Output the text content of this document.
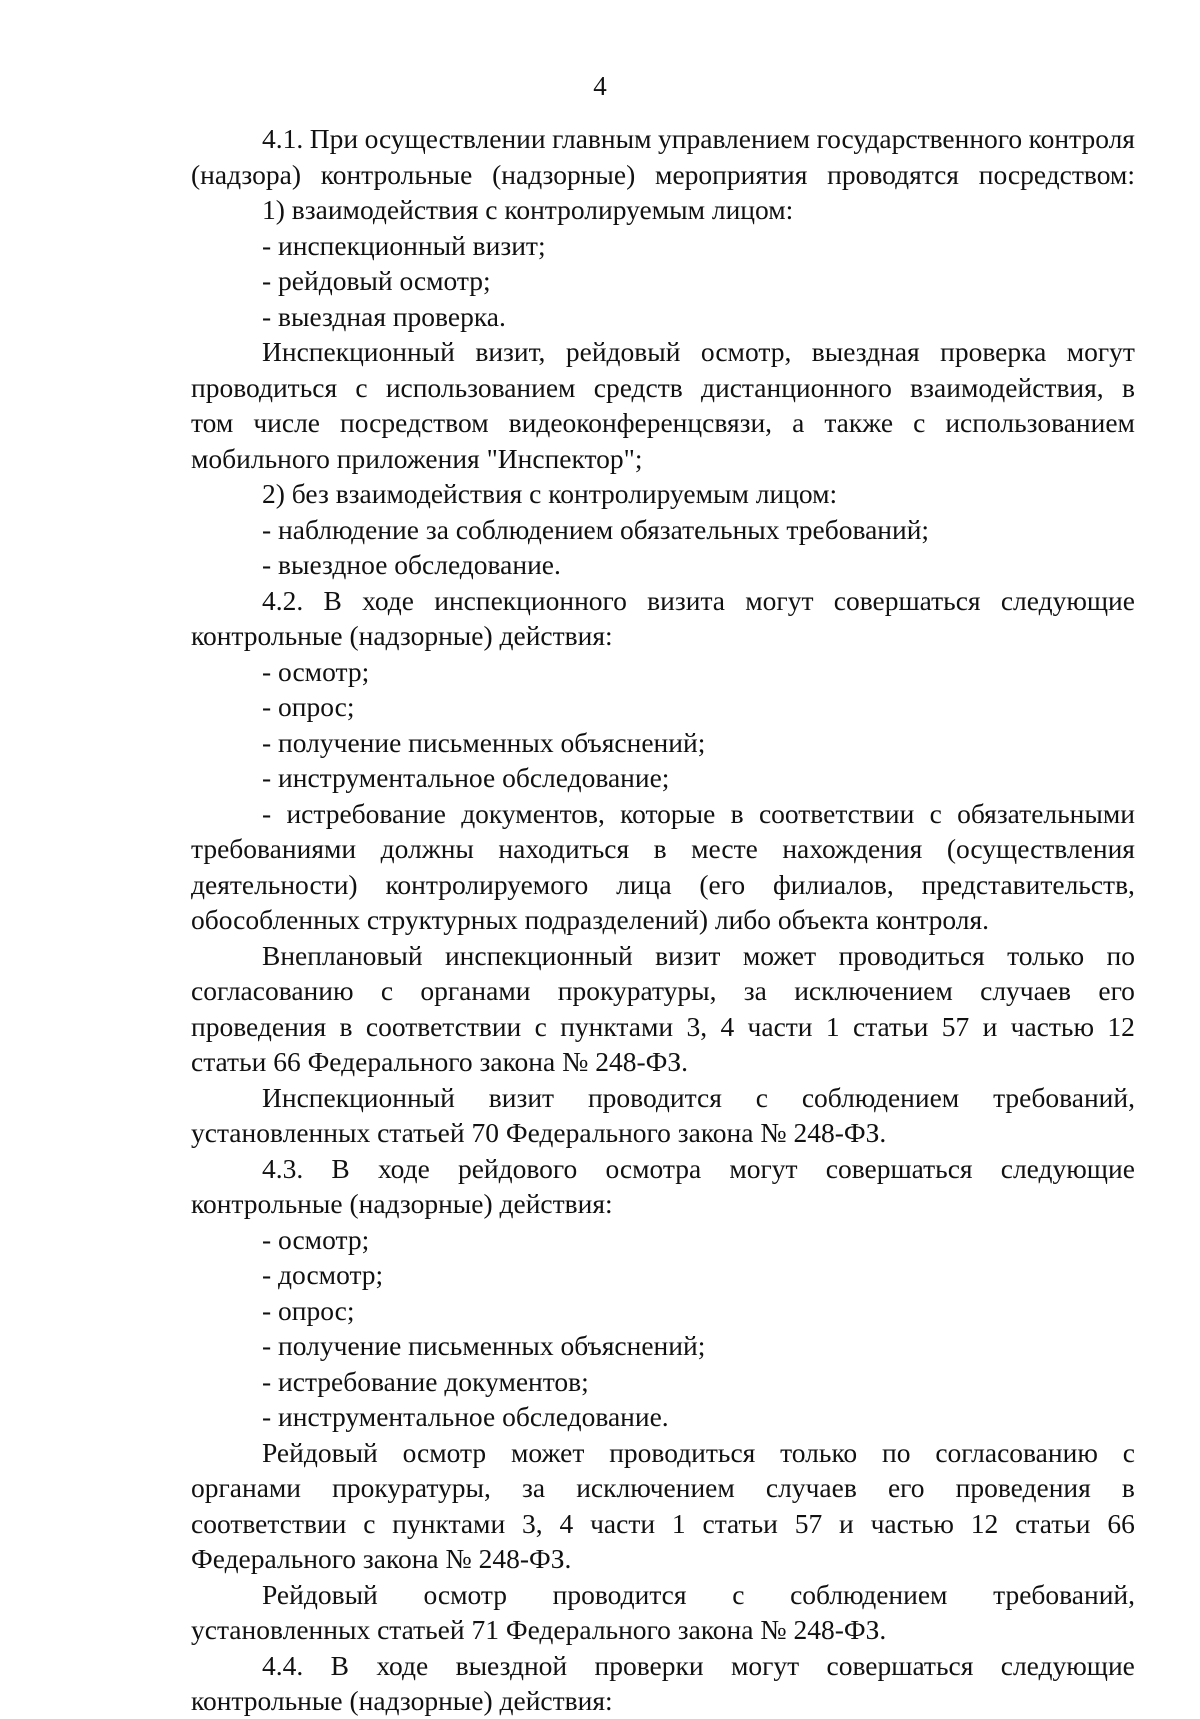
4
4.1. При осуществлении главным управлением государственного контроля
(надзора) контрольные (надзорные) мероприятия проводятся посредством:
1) взаимодействия с контролируемым лицом:
- инспекционный визит;
- рейдовый осмотр;
- выездная проверка.
Инспекционный визит, рейдовый осмотр, выездная проверка могут
проводиться с использованием средств дистанционного взаимодействия, в
том числе посредством видеоконференцсвязи, а также с использованием
мобильного приложения "Инспектор";
2) без взаимодействия с контролируемым лицом:
- наблюдение за соблюдением обязательных требований;
- выездное обследование.
4.2. В ходе инспекционного визита могут совершаться следующие
контрольные (надзорные) действия:
- осмотр;
- опрос;
- получение письменных объяснений;
- инструментальное обследование;
- истребование документов, которые в соответствии с обязательными
требованиями должны находиться в месте нахождения (осуществления
деятельности) контролируемого лица (его филиалов, представительств,
обособленных структурных подразделений) либо объекта контроля.
Внеплановый инспекционный визит может проводиться только по
согласованию с органами прокуратуры, за исключением случаев его
проведения в соответствии с пунктами 3, 4 части 1 статьи 57 и частью 12
статьи 66 Федерального закона № 248-ФЗ.
Инспекционный визит проводится с соблюдением требований,
установленных статьей 70 Федерального закона № 248-ФЗ.
4.3. В ходе рейдового осмотра могут совершаться следующие
контрольные (надзорные) действия:
- осмотр;
- досмотр;
- опрос;
- получение письменных объяснений;
- истребование документов;
- инструментальное обследование.
Рейдовый осмотр может проводиться только по согласованию с
органами прокуратуры, за исключением случаев его проведения в
соответствии с пунктами 3, 4 части 1 статьи 57 и частью 12 статьи 66
Федерального закона № 248-ФЗ.
Рейдовый осмотр проводится с соблюдением требований,
установленных статьей 71 Федерального закона № 248-ФЗ.
4.4. В ходе выездной проверки могут совершаться следующие
контрольные (надзорные) действия:
